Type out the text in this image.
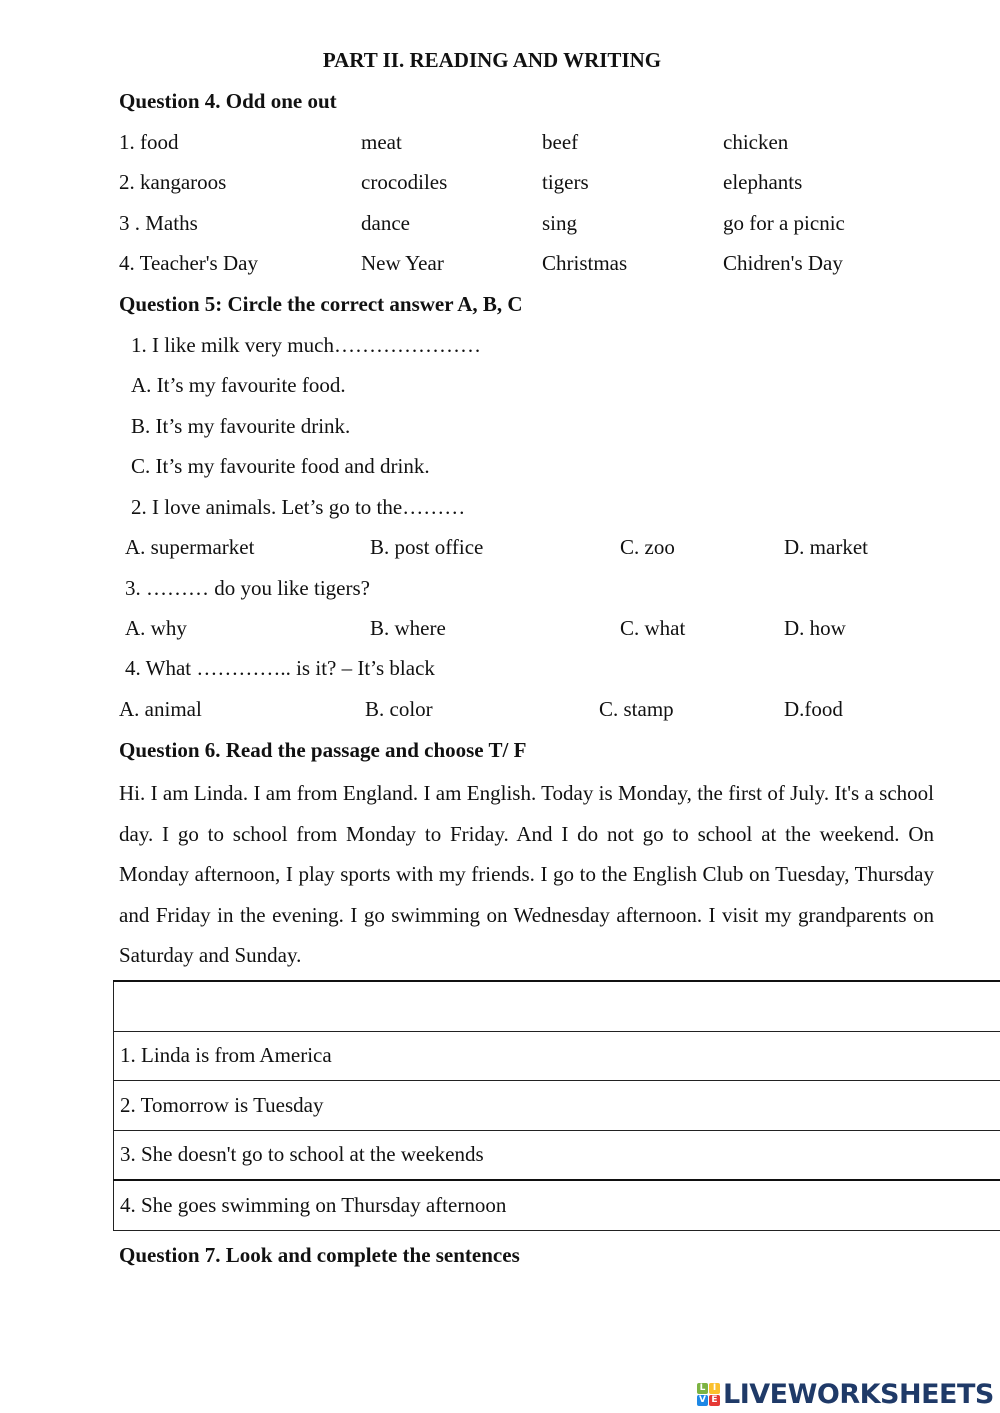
PART II. READING AND WRITING
Question 4. Odd one out
1. food	meat	beef	chicken
2. kangaroos	crocodiles	tigers	elephants
3 . Maths	dance	sing	go for a picnic
4. Teacher's Day	New Year	Christmas	Chidren's Day
Question 5: Circle the correct answer A, B, C
1. I like milk very much…………………
A. It’s my favourite food.
B. It’s my favourite drink.
C. It’s my favourite food and drink.
2. I love animals. Let’s go to the………
A. supermarket	B. post office	C. zoo	D. market
3. ……… do you like tigers?
A. why	B. where	C. what	D. how
4. What ………….. is it? – It’s black
A. animal	B. color	C. stamp	D.food
Question 6. Read the passage and choose T/ F
Hi. I am Linda. I am from England. I am English. Today is Monday, the first of July. It's a school day. I go to school from Monday to Friday. And I do not go to school at the weekend. On Monday afternoon, I play sports with my friends. I go to the English Club on Tuesday, Thursday and Friday in the evening. I go swimming on Wednesday afternoon. I visit my grandparents on Saturday and Sunday.

1. Linda is from America
2. Tomorrow is Tuesday
3. She doesn't go to school at the weekends
4. She goes swimming on Thursday afternoon
Question 7. Look and complete the sentences
L I
V E LIVEWORKSHEETS
